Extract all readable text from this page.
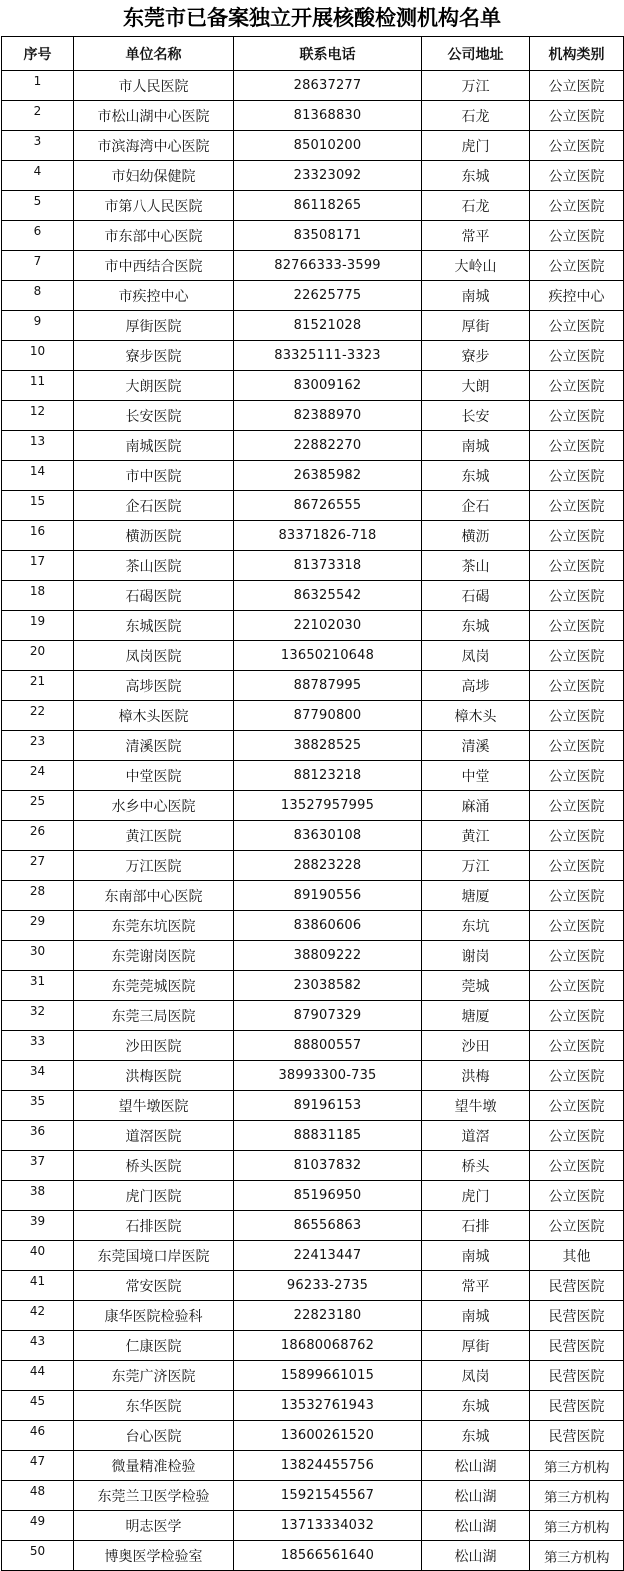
东莞市已备案独立开展核酸检测机构名单
序号	单位名称	联系电话	公司地址	机构类别
1	市人民医院	28637277	万江	公立医院
2	市松山湖中心医院	81368830	石龙	公立医院
3	市滨海湾中心医院	85010200	虎门	公立医院
4	市妇幼保健院	23323092	东城	公立医院
5	市第八人民医院	86118265	石龙	公立医院
6	市东部中心医院	83508171	常平	公立医院
7	市中西结合医院	82766333-3599	大岭山	公立医院
8	市疾控中心	22625775	南城	疾控中心
9	厚街医院	81521028	厚街	公立医院
10	寮步医院	83325111-3323	寮步	公立医院
11	大朗医院	83009162	大朗	公立医院
12	长安医院	82388970	长安	公立医院
13	南城医院	22882270	南城	公立医院
14	市中医院	26385982	东城	公立医院
15	企石医院	86726555	企石	公立医院
16	横沥医院	83371826-718	横沥	公立医院
17	茶山医院	81373318	茶山	公立医院
18	石碣医院	86325542	石碣	公立医院
19	东城医院	22102030	东城	公立医院
20	凤岗医院	13650210648	凤岗	公立医院
21	高埗医院	88787995	高埗	公立医院
22	樟木头医院	87790800	樟木头	公立医院
23	清溪医院	38828525	清溪	公立医院
24	中堂医院	88123218	中堂	公立医院
25	水乡中心医院	13527957995	麻涌	公立医院
26	黄江医院	83630108	黄江	公立医院
27	万江医院	28823228	万江	公立医院
28	东南部中心医院	89190556	塘厦	公立医院
29	东莞东坑医院	83860606	东坑	公立医院
30	东莞谢岗医院	38809222	谢岗	公立医院
31	东莞莞城医院	23038582	莞城	公立医院
32	东莞三局医院	87907329	塘厦	公立医院
33	沙田医院	88800557	沙田	公立医院
34	洪梅医院	38993300-735	洪梅	公立医院
35	望牛墩医院	89196153	望牛墩	公立医院
36	道滘医院	88831185	道滘	公立医院
37	桥头医院	81037832	桥头	公立医院
38	虎门医院	85196950	虎门	公立医院
39	石排医院	86556863	石排	公立医院
40	东莞国境口岸医院	22413447	南城	其他
41	常安医院	96233-2735	常平	民营医院
42	康华医院检验科	22823180	南城	民营医院
43	仁康医院	18680068762	厚街	民营医院
44	东莞广济医院	15899661015	凤岗	民营医院
45	东华医院	13532761943	东城	民营医院
46	台心医院	13600261520	东城	民营医院
47	微量精准检验	13824455756	松山湖	第三方机构
48	东莞兰卫医学检验	15921545567	松山湖	第三方机构
49	明志医学	13713334032	松山湖	第三方机构
50	博奥医学检验室	18566561640	松山湖	第三方机构
